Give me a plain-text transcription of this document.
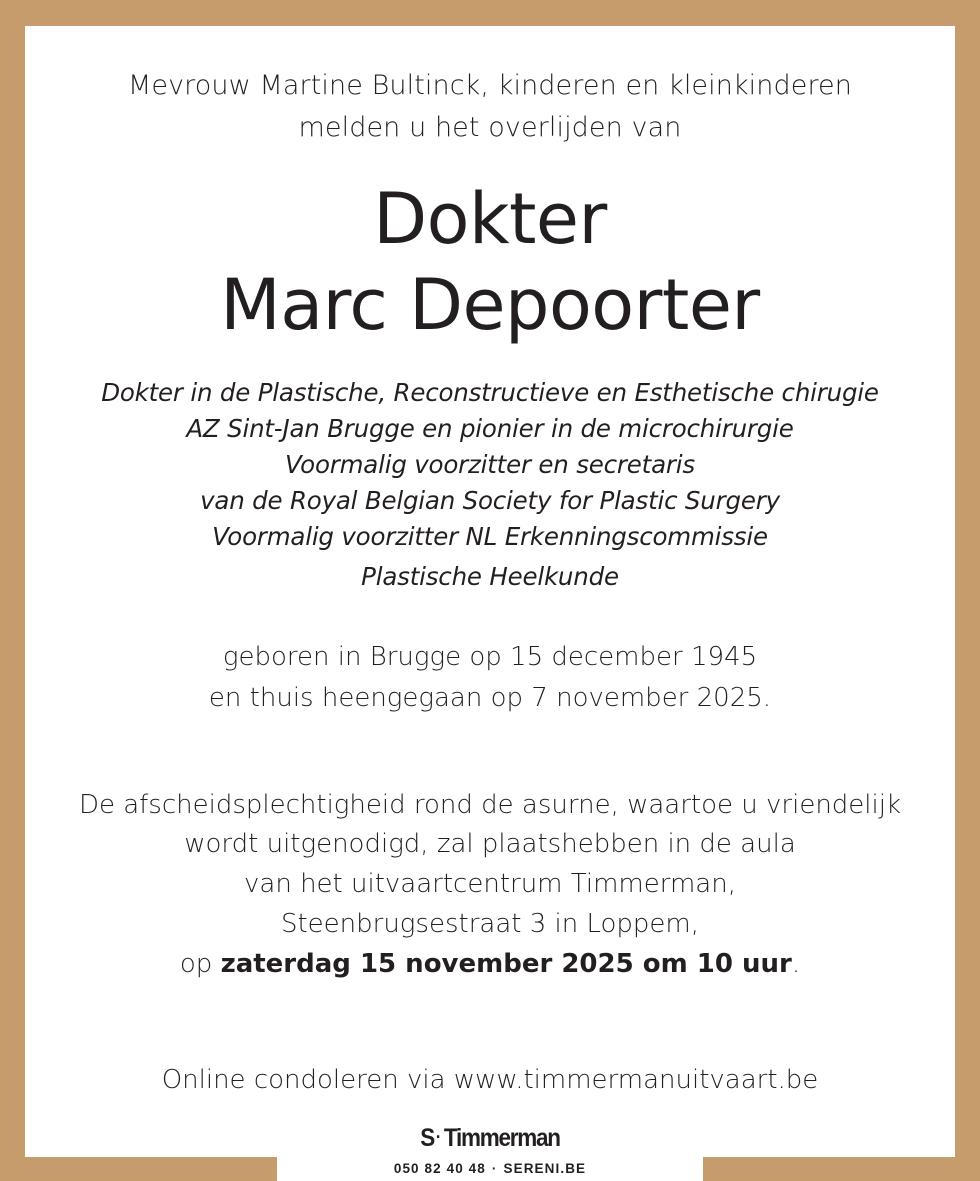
Mevrouw Martine Bultinck, kinderen en kleinkinderen
melden u het overlijden van
Dokter
Marc Depoorter
Dokter in de Plastische, Reconstructieve en Esthetische chirugie
AZ Sint-Jan Brugge en pionier in de microchirurgie
Voormalig voorzitter en secretaris
van de Royal Belgian Society for Plastic Surgery
Voormalig voorzitter NL Erkenningscommissie
Plastische Heelkunde
geboren in Brugge op 15 december 1945
en thuis heengegaan op 7 november 2025.
De afscheidsplechtigheid rond de asurne, waartoe u vriendelijk
wordt uitgenodigd, zal plaatshebben in de aula
van het uitvaartcentrum Timmerman,
Steenbrugsestraat 3 in Loppem,
op zaterdag 15 november 2025 om 10 uur.
Online condoleren via www.timmermanuitvaart.be
S·Timmerman
050 82 40 48 · SERENI.BE
